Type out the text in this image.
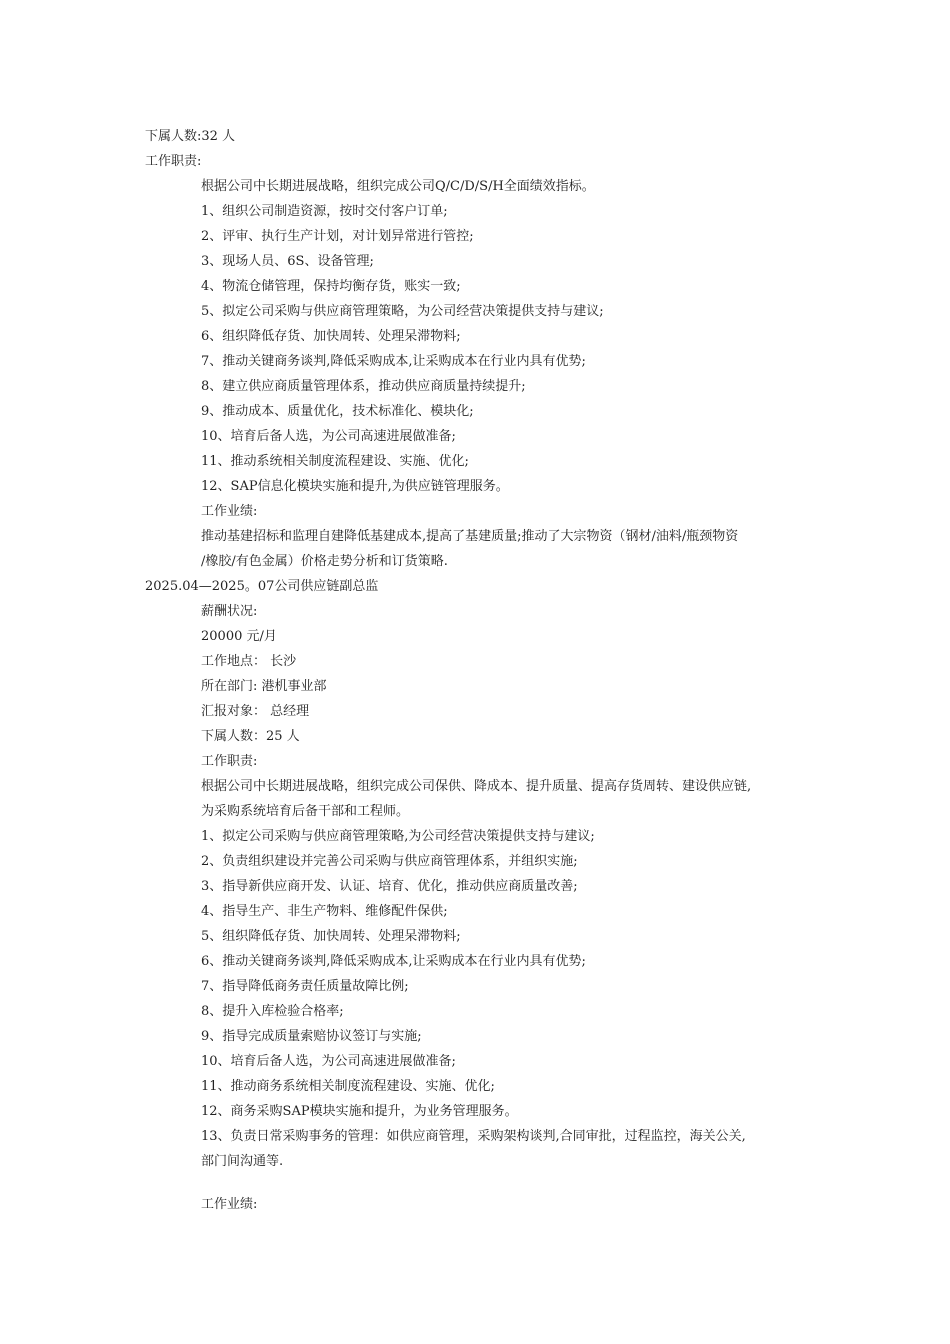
下属人数:32 人
工作职责:
根据公司中长期进展战略，组织完成公司Q/C/D/S/H全面绩效指标。
1、组织公司制造资源，按时交付客户订单;
2、评审、执行生产计划，对计划异常进行管控;
3、现场人员、6S、设备管理;
4、物流仓储管理，保持均衡存货，账实一致;
5、拟定公司采购与供应商管理策略，为公司经营决策提供支持与建议;
6、组织降低存货、加快周转、处理呆滞物料;
7、推动关键商务谈判,降低采购成本,让采购成本在行业内具有优势;
8、建立供应商质量管理体系，推动供应商质量持续提升;
9、推动成本、质量优化，技术标准化、模块化;
10、培育后备人选，为公司高速进展做准备;
11、推动系统相关制度流程建设、实施、优化;
12、SAP信息化模块实施和提升,为供应链管理服务。
工作业绩:
推动基建招标和监理自建降低基建成本,提高了基建质量;推动了大宗物资（钢材/油料/瓶颈物资
/橡胶/有色金属）价格走势分析和订货策略.
2025.04—2025。07公司供应链副总监
薪酬状况:
20000 元/月
工作地点： 长沙
所在部门: 港机事业部
汇报对象： 总经理
下属人数：25 人
工作职责:
根据公司中长期进展战略，组织完成公司保供、降成本、提升质量、提高存货周转、建设供应链,
为采购系统培育后备干部和工程师。
1、拟定公司采购与供应商管理策略,为公司经营决策提供支持与建议;
2、负责组织建设并完善公司采购与供应商管理体系，并组织实施;
3、指导新供应商开发、认证、培育、优化，推动供应商质量改善;
4、指导生产、非生产物料、维修配件保供;
5、组织降低存货、加快周转、处理呆滞物料;
6、推动关键商务谈判,降低采购成本,让采购成本在行业内具有优势;
7、指导降低商务责任质量故障比例;
8、提升入库检验合格率;
9、指导完成质量索赔协议签订与实施;
10、培育后备人选，为公司高速进展做准备;
11、推动商务系统相关制度流程建设、实施、优化;
12、商务采购SAP模块实施和提升，为业务管理服务。
13、负责日常采购事务的管理：如供应商管理，采购架构谈判,合同审批，过程监控，海关公关,
部门间沟通等.
工作业绩:
